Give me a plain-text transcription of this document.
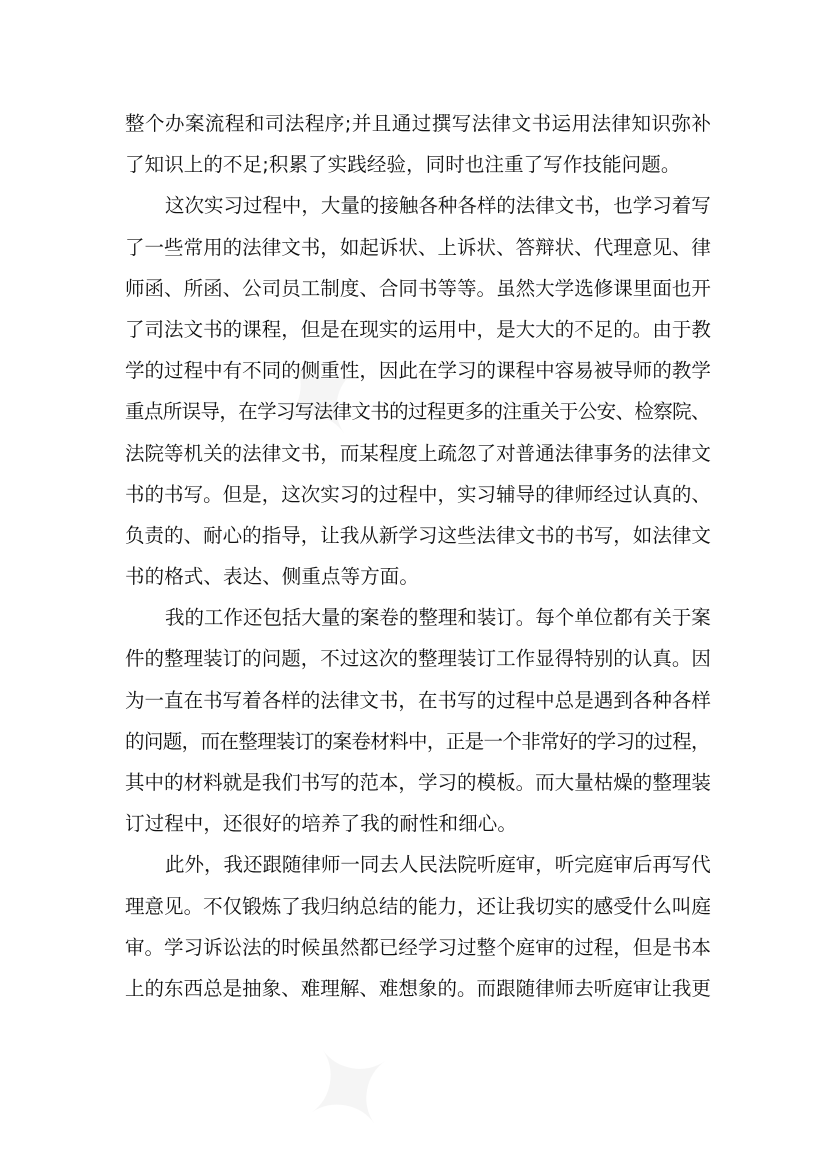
整个办案流程和司法程序;并且通过撰写法律文书运用法律知识弥补
了知识上的不足;积累了实践经验，同时也注重了写作技能问题。
这次实习过程中，大量的接触各种各样的法律文书，也学习着写
了一些常用的法律文书，如起诉状、上诉状、答辩状、代理意见、律
师函、所函、公司员工制度、合同书等等。虽然大学选修课里面也开
了司法文书的课程，但是在现实的运用中，是大大的不足的。由于教
学的过程中有不同的侧重性，因此在学习的课程中容易被导师的教学
重点所误导，在学习写法律文书的过程更多的注重关于公安、检察院、
法院等机关的法律文书，而某程度上疏忽了对普通法律事务的法律文
书的书写。但是，这次实习的过程中，实习辅导的律师经过认真的、
负责的、耐心的指导，让我从新学习这些法律文书的书写，如法律文
书的格式、表达、侧重点等方面。
我的工作还包括大量的案卷的整理和装订。每个单位都有关于案
件的整理装订的问题，不过这次的整理装订工作显得特别的认真。因
为一直在书写着各样的法律文书，在书写的过程中总是遇到各种各样
的问题，而在整理装订的案卷材料中，正是一个非常好的学习的过程，
其中的材料就是我们书写的范本，学习的模板。而大量枯燥的整理装
订过程中，还很好的培养了我的耐性和细心。
此外，我还跟随律师一同去人民法院听庭审，听完庭审后再写代
理意见。不仅锻炼了我归纳总结的能力，还让我切实的感受什么叫庭
审。学习诉讼法的时候虽然都已经学习过整个庭审的过程，但是书本
上的东西总是抽象、难理解、难想象的。而跟随律师去听庭审让我更
